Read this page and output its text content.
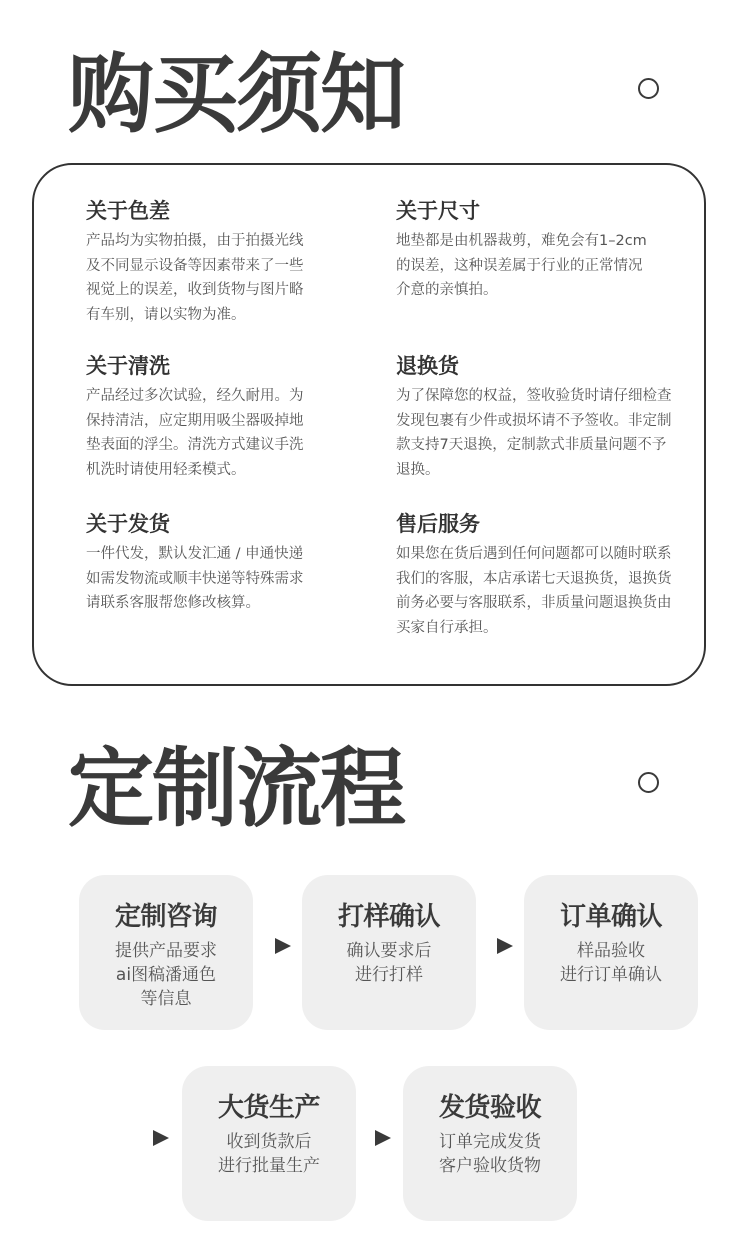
购买须知
关于色差

产品均为实物拍摄，由于拍摄光线
及不同显示设备等因素带来了一些
视觉上的误差，收到货物与图片略
有车别，请以实物为准。

关于尺寸

地垫都是由机器裁剪，难免会有1–2cm
的误差，这种误差属于行业的正常情况
介意的亲慎拍。

关于清洗

产品经过多次试验，经久耐用。为
保持清洁，应定期用吸尘器吸掉地
垫表面的浮尘。清洗方式建议手洗
机洗时请使用轻柔模式。

退换货

为了保障您的权益，签收验货时请仔细检查
发现包裹有少件或损坏请不予签收。非定制
款支持7天退换，定制款式非质量问题不予
退换。

关于发货

一件代发，默认发汇通 / 申通快递
如需发物流或顺丰快递等特殊需求
请联系客服帮您修改核算。

售后服务

如果您在货后遇到任何问题都可以随时联系
我们的客服，本店承诺七天退换货，退换货
前务必要与客服联系，非质量问题退换货由
买家自行承担。

定制流程
定制咨询

提供产品要求
ai图稿潘通色
等信息

打样确认

确认要求后
进行打样

订单确认

样品验收
进行订单确认

大货生产

收到货款后
进行批量生产

发货验收

订单完成发货
客户验收货物
